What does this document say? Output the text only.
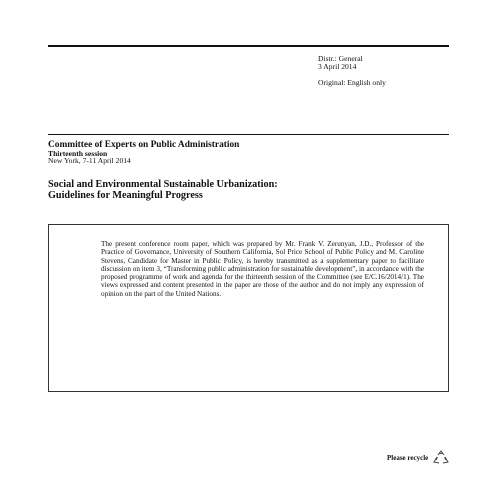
Distr.: General
3 April 2014
Original: English only
Committee of Experts on Public Administration
Thirteenth session
New York, 7-11 April 2014
Social and Environmental Sustainable Urbanization:
Guidelines for Meaningful Progress

The present conference room paper, which was prepared by Mr. Frank V. Zerunyan, J.D., Professor of the Practice of Governance, University of Southern California, Sol Price School of Public Policy and M. Caroline Stevens, Candidate for Master in Public Policy, is hereby transmitted as a supplementary paper to facilitate discussion on item 3, “Transforming public administration for sustainable development”, in accordance with the proposed programme of work and agenda for the thirteenth session of the Committee (see E/C.16/2014/1). The views expressed and content presented in the paper are those of the author and do not imply any expression of opinion on the part of the United Nations.

Please recycle
